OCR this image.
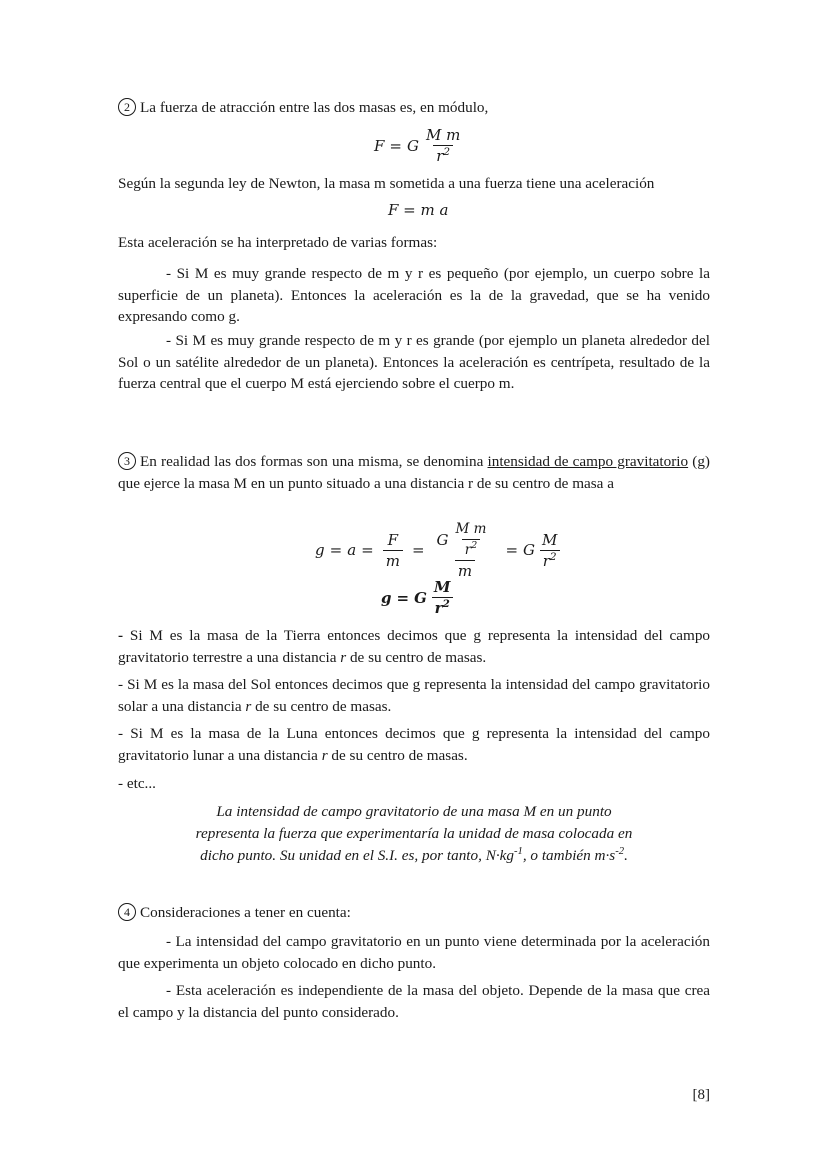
2 La fuerza de atracción entre las dos masas es, en módulo,

F = G $\frac{\text{M m}}{r^2}$

Según la segunda ley de Newton, la masa m sometida a una fuerza tiene una aceleración

F = m a

Esta aceleración se ha interpretado de varias formas:

- Si M es muy grande respecto de m y r es pequeño (por ejemplo, un cuerpo sobre la superficie de un planeta). Entonces la aceleración es la de la gravedad, que se ha venido expresando como g.

- Si M es muy grande respecto de m y r es grande (por ejemplo un planeta alrededor del Sol o un satélite alrededor de un planeta). Entonces la aceleración es centrípeta, resultado de la fuerza central que el cuerpo M está ejerciendo sobre el cuerpo m.

3 En realidad las dos formas son una misma, se denomina intensidad de campo gravitatorio (g) que ejerce la masa M en un punto situado a una distancia r de su centro de masa a

$g = a = \frac{F}{m} = \frac{G \frac{\text{M m}}{r^2}}{m} = G \frac{M}{r^2}$
g = G $\frac{M}{r^2}$

- Si M es la masa de la Tierra entonces decimos que g representa la intensidad del campo gravitatorio terrestre a una distancia r de su centro de masas.

- Si M es la masa del Sol entonces decimos que g representa la intensidad del campo gravitatorio solar a una distancia r de su centro de masas.

- Si M es la masa de la Luna entonces decimos que g representa la intensidad del campo gravitatorio lunar a una distancia r de su centro de masas.

- etc...

La intensidad de campo gravitatorio de una masa M en un punto
representa la fuerza que experimentaría la unidad de masa colocada en
dicho punto. Su unidad en el S.I. es, por tanto, $N\cdot kg^{-1}$, o también $m\cdot s^{-2}$.

4 Consideraciones a tener en cuenta:

- La intensidad del campo gravitatorio en un punto viene determinada por la aceleración que experimenta un objeto colocado en dicho punto.

- Esta aceleración es independiente de la masa del objeto. Depende de la masa que crea el campo y la distancia del punto considerado.

[8]
